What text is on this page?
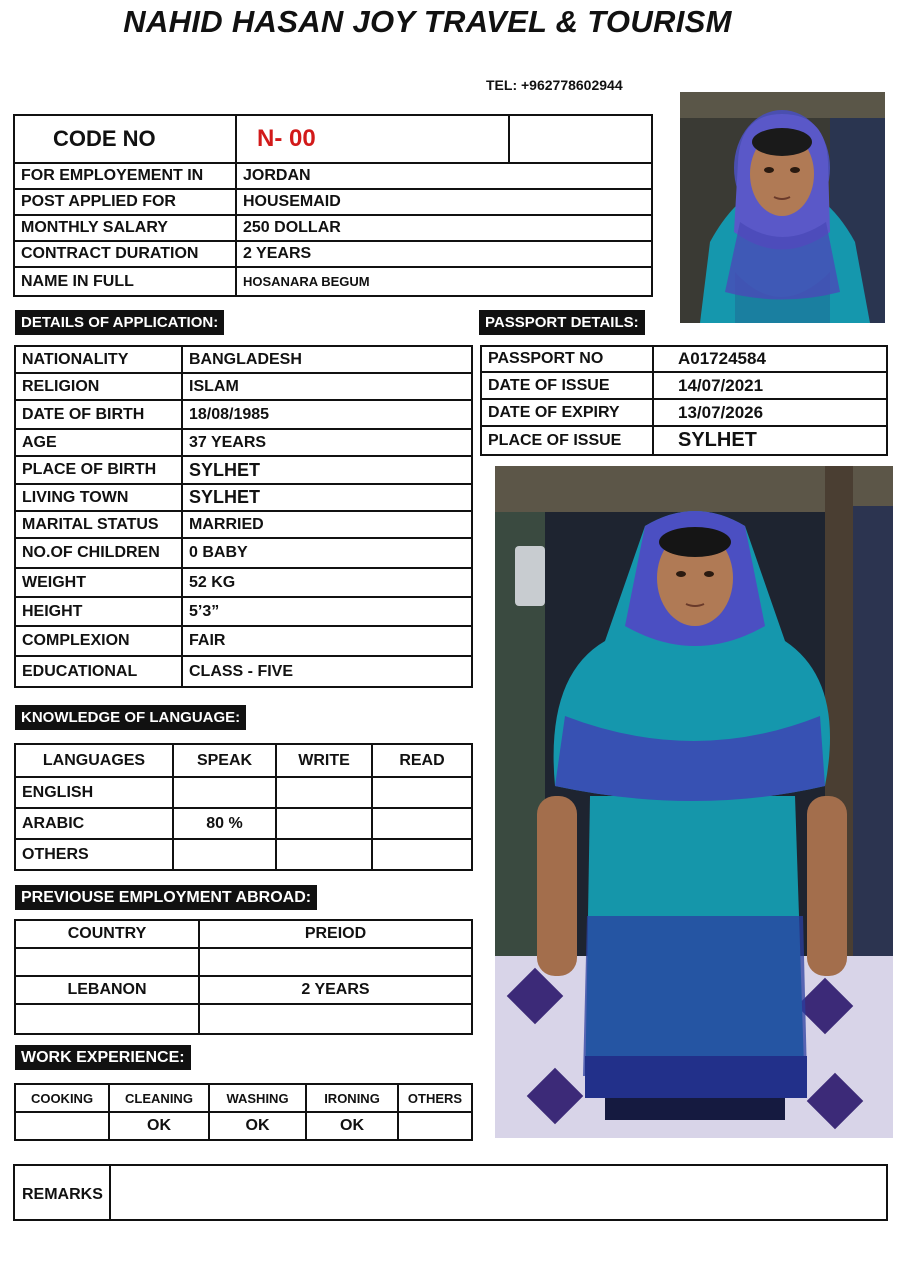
NAHID HASAN JOY TRAVEL & TOURISM
TEL: +962778602944
CODE NO	N- 00	
FOR EMPLOYEMENT IN	JORDAN	
POST APPLIED FOR	HOUSEMAID	
MONTHLY SALARY	250 DOLLAR	
CONTRACT DURATION	2 YEARS	
NAME IN FULL	HOSANARA BEGUM	
DETAILS OF APPLICATION:
NATIONALITY	BANGLADESH
RELIGION	ISLAM
DATE OF BIRTH	18/08/1985
AGE	37 YEARS
PLACE OF BIRTH	SYLHET
LIVING TOWN	SYLHET
MARITAL STATUS	MARRIED
NO.OF CHILDREN	0 BABY
WEIGHT	52 KG
HEIGHT	5’3”
COMPLEXION	FAIR
EDUCATIONAL	CLASS - FIVE
PASSPORT DETAILS:
PASSPORT NO	A01724584
DATE OF ISSUE	14/07/2021
DATE OF EXPIRY	13/07/2026
PLACE OF ISSUE	SYLHET
KNOWLEDGE OF LANGUAGE:
LANGUAGES	SPEAK	WRITE	READ
ENGLISH			
ARABIC	80 %		
OTHERS			
PREVIOUSE EMPLOYMENT ABROAD:
COUNTRY	PREIOD

LEBANON	2 YEARS

WORK EXPERIENCE:
COOKING	CLEANING	WASHING	IRONING	OTHERS
	OK	OK	OK	
REMARKS	
